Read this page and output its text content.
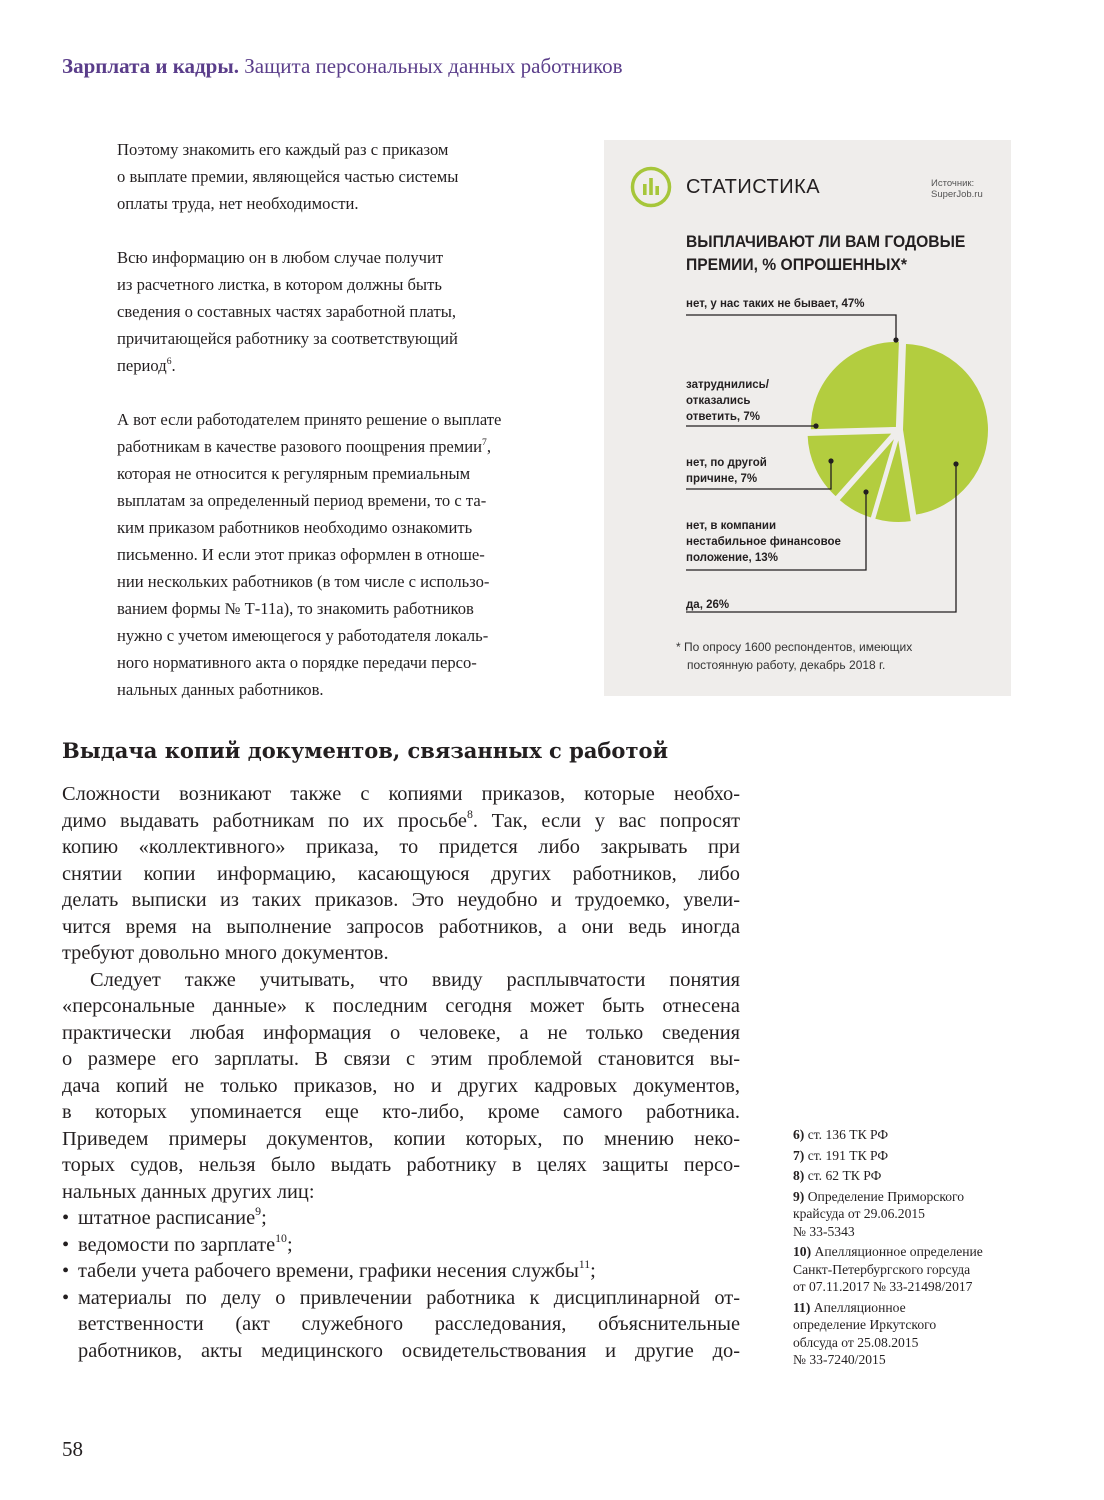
Зарплата и кадры. Защита персональных данных работников

Поэтому знакомить его каждый раз с приказом
о выплате премии, являющейся частью системы
оплаты труда, нет необходимости.

Всю информацию он в любом случае получит
из расчетного листка, в котором должны быть
сведения о составных частях заработной платы,
причитающейся работнику за соответствующий
период$^6$.

А вот если работодателем принято решение о выплате
работникам в качестве разового поощрения премии$^7$,
которая не относится к регулярным премиальным
выплатам за определенный период времени, то с та-
ким приказом работников необходимо ознакомить
письменно. И если этот приказ оформлен в отноше-
нии нескольких работников (в том числе с использо-
ванием формы № Т-11а), то знакомить работников
нужно с учетом имеющегося у работодателя локаль-
ного нормативного акта о порядке передачи персо-
нальных данных работников.

СТАТИСТИКА	Источник:
SuperJob.ru
ВЫПЛАЧИВАЮТ ЛИ ВАМ ГОДОВЫЕ ПРЕМИИ, % ОПРОШЕННЫХ*
нет, у нас таких не бывает, 47%
затруднились/
отказались
ответить, 7%
нет, по другой
причине, 7%
нет, в компании
нестабильное финансовое
положение, 13%
да, 26%
* По опросу 1600 респондентов, имеющих
постоянную работу, декабрь 2018 г.
Выдача копий документов, связанных с работой
Сложности возникают также с копиями приказов, которые необхо-
димо выдавать работникам по их просьбе$^8$. Так, если у вас попросят
копию «коллективного» приказа, то придется либо закрывать при
снятии копии информацию, касающуюся других работников, либо
делать выписки из таких приказов. Это неудобно и трудоемко, увели-
чится время на выполнение запросов работников, а они ведь иногда
требуют довольно много документов.
Следует также учитывать, что ввиду расплывчатости понятия
«персональные данные» к последним сегодня может быть отнесена
практически любая информация о человеке, а не только сведения
о размере его зарплаты. В связи с этим проблемой становится вы-
дача копий не только приказов, но и других кадровых документов,
в которых упоминается еще кто-либо, кроме самого работника.
Приведем примеры документов, копии которых, по мнению неко-
торых судов, нельзя было выдать работнику в целях защиты персо-
нальных данных других лиц:
• штатное расписание$^9$;
• ведомости по зарплате$^{10}$;
• табели учета рабочего времени, графики несения службы$^{11}$;
• материалы по делу о привлечении работника к дисциплинарной от-
ветственности (акт служебного расследования, объяснительные
работников, акты медицинского освидетельствования и другие до-
6) ст. 136 ТК РФ
7) ст. 191 ТК РФ
8) ст. 62 ТК РФ
9) Определение Приморского
крайсуда от 29.06.2015
№ 33-5343
10) Апелляционное определение
Санкт-Петербургского горсуда
от 07.11.2017 № 33-21498/2017
11) Апелляционное
определение Иркутского
облсуда от 25.08.2015
№ 33-7240/2015
58
